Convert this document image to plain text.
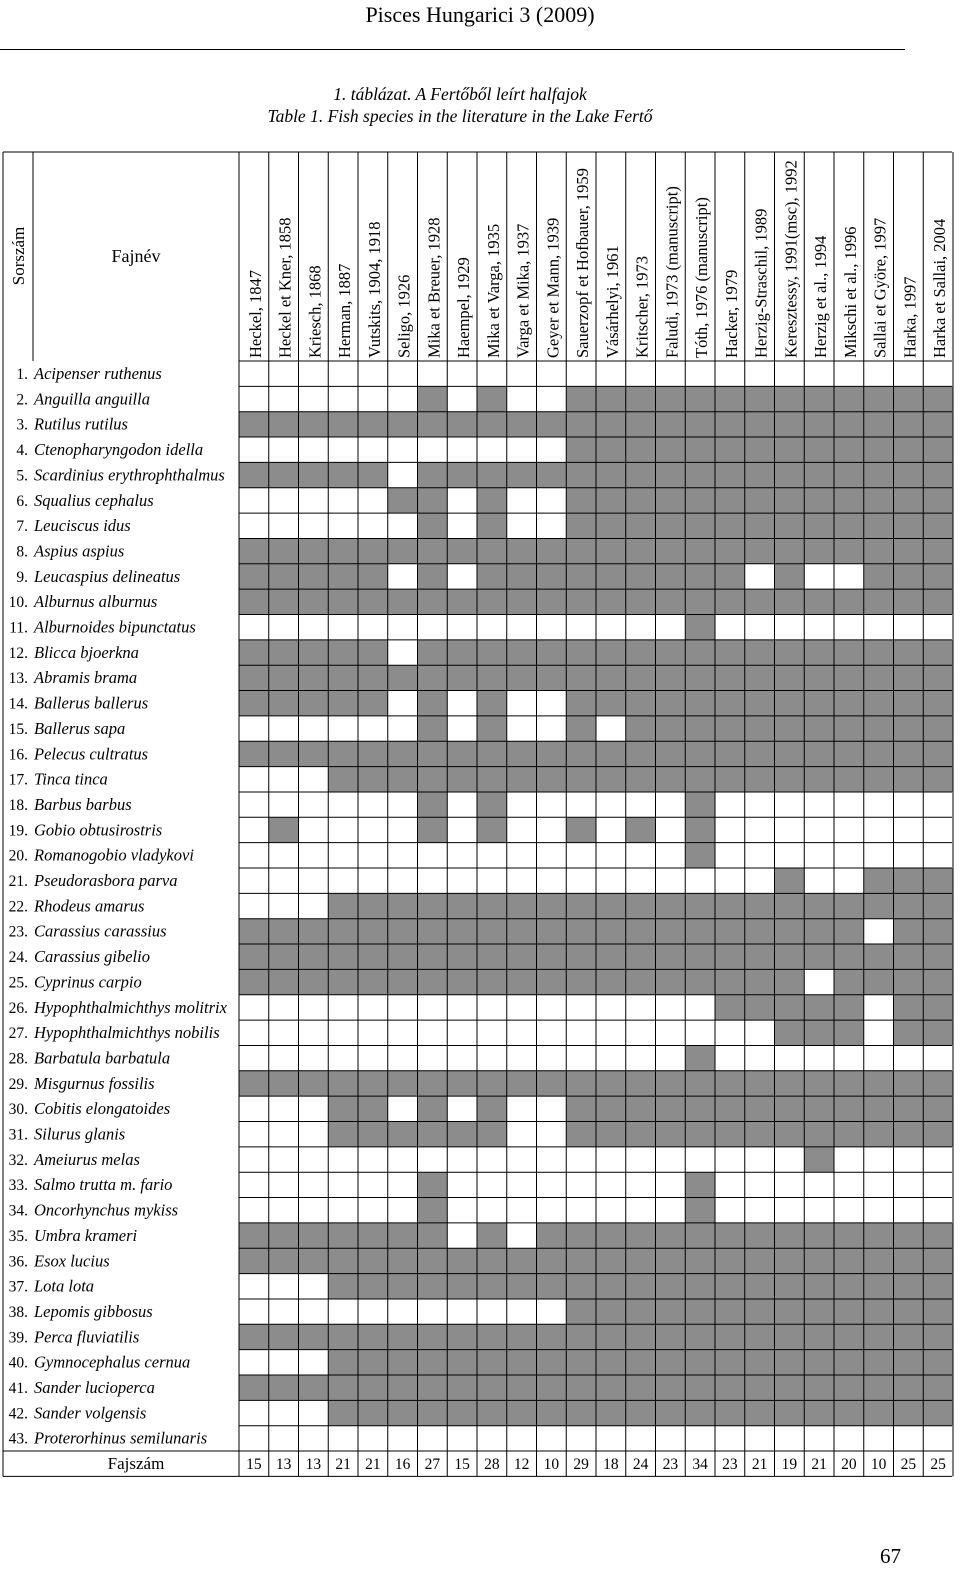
Pisces Hungarici 3 (2009)
1. táblázat. A Fertőből leírt halfajok
Table 1. Fish species in the literature in the Lake Fertő
Sorszám	Fajnév
Heckel, 1847 Heckel et Kner, 1858 Kriesch, 1868 Herman, 1887 Vutskits, 1904, 1918 Seligo, 1926 Mika et Breuer, 1928 Haempel, 1929 Mika et Varga, 1935 Varga et Mika, 1937 Geyer et Mann, 1939 Sauerzopf et Hofbauer, 1959 Vásárhelyi, 1961 Kritscher, 1973 Faludi, 1973 (manuscript) Tóth, 1976 (manuscript) Hacker, 1979 Herzig-Straschil, 1989 Keresztessy, 1991(msc), 1992 Herzig et al., 1994 Mikschi et al., 1996 Sallai et Györe, 1997 Harka, 1997 Harka et Sallai, 2004
1. Acipenser ruthenus
2. Anguilla anguilla
3. Rutilus rutilus
4. Ctenopharyngodon idella
5. Scardinius erythrophthalmus
6. Squalius cephalus
7. Leuciscus idus
8. Aspius aspius
9. Leucaspius delineatus
10. Alburnus alburnus
11. Alburnoides bipunctatus
12. Blicca bjoerkna
13. Abramis brama
14. Ballerus ballerus
15. Ballerus sapa
16. Pelecus cultratus
17. Tinca tinca
18. Barbus barbus
19. Gobio obtusirostris
20. Romanogobio vladykovi
21. Pseudorasbora parva
22. Rhodeus amarus
23. Carassius carassius
24. Carassius gibelio
25. Cyprinus carpio
26. Hypophthalmichthys molitrix
27. Hypophthalmichthys nobilis
28. Barbatula barbatula
29. Misgurnus fossilis
30. Cobitis elongatoides
31. Silurus glanis
32. Ameiurus melas
33. Salmo trutta m. fario
34. Oncorhynchus mykiss
35. Umbra krameri
36. Esox lucius
37. Lota lota
38. Lepomis gibbosus
39. Perca fluviatilis
40. Gymnocephalus cernua
41. Sander lucioperca
42. Sander volgensis
43. Proterorhinus semilunaris
Fajszám	15 13 13 21 21 16 27 15 28 12 10 29 18 24 23 34 23 21 19 21 20 10 25 25
67
